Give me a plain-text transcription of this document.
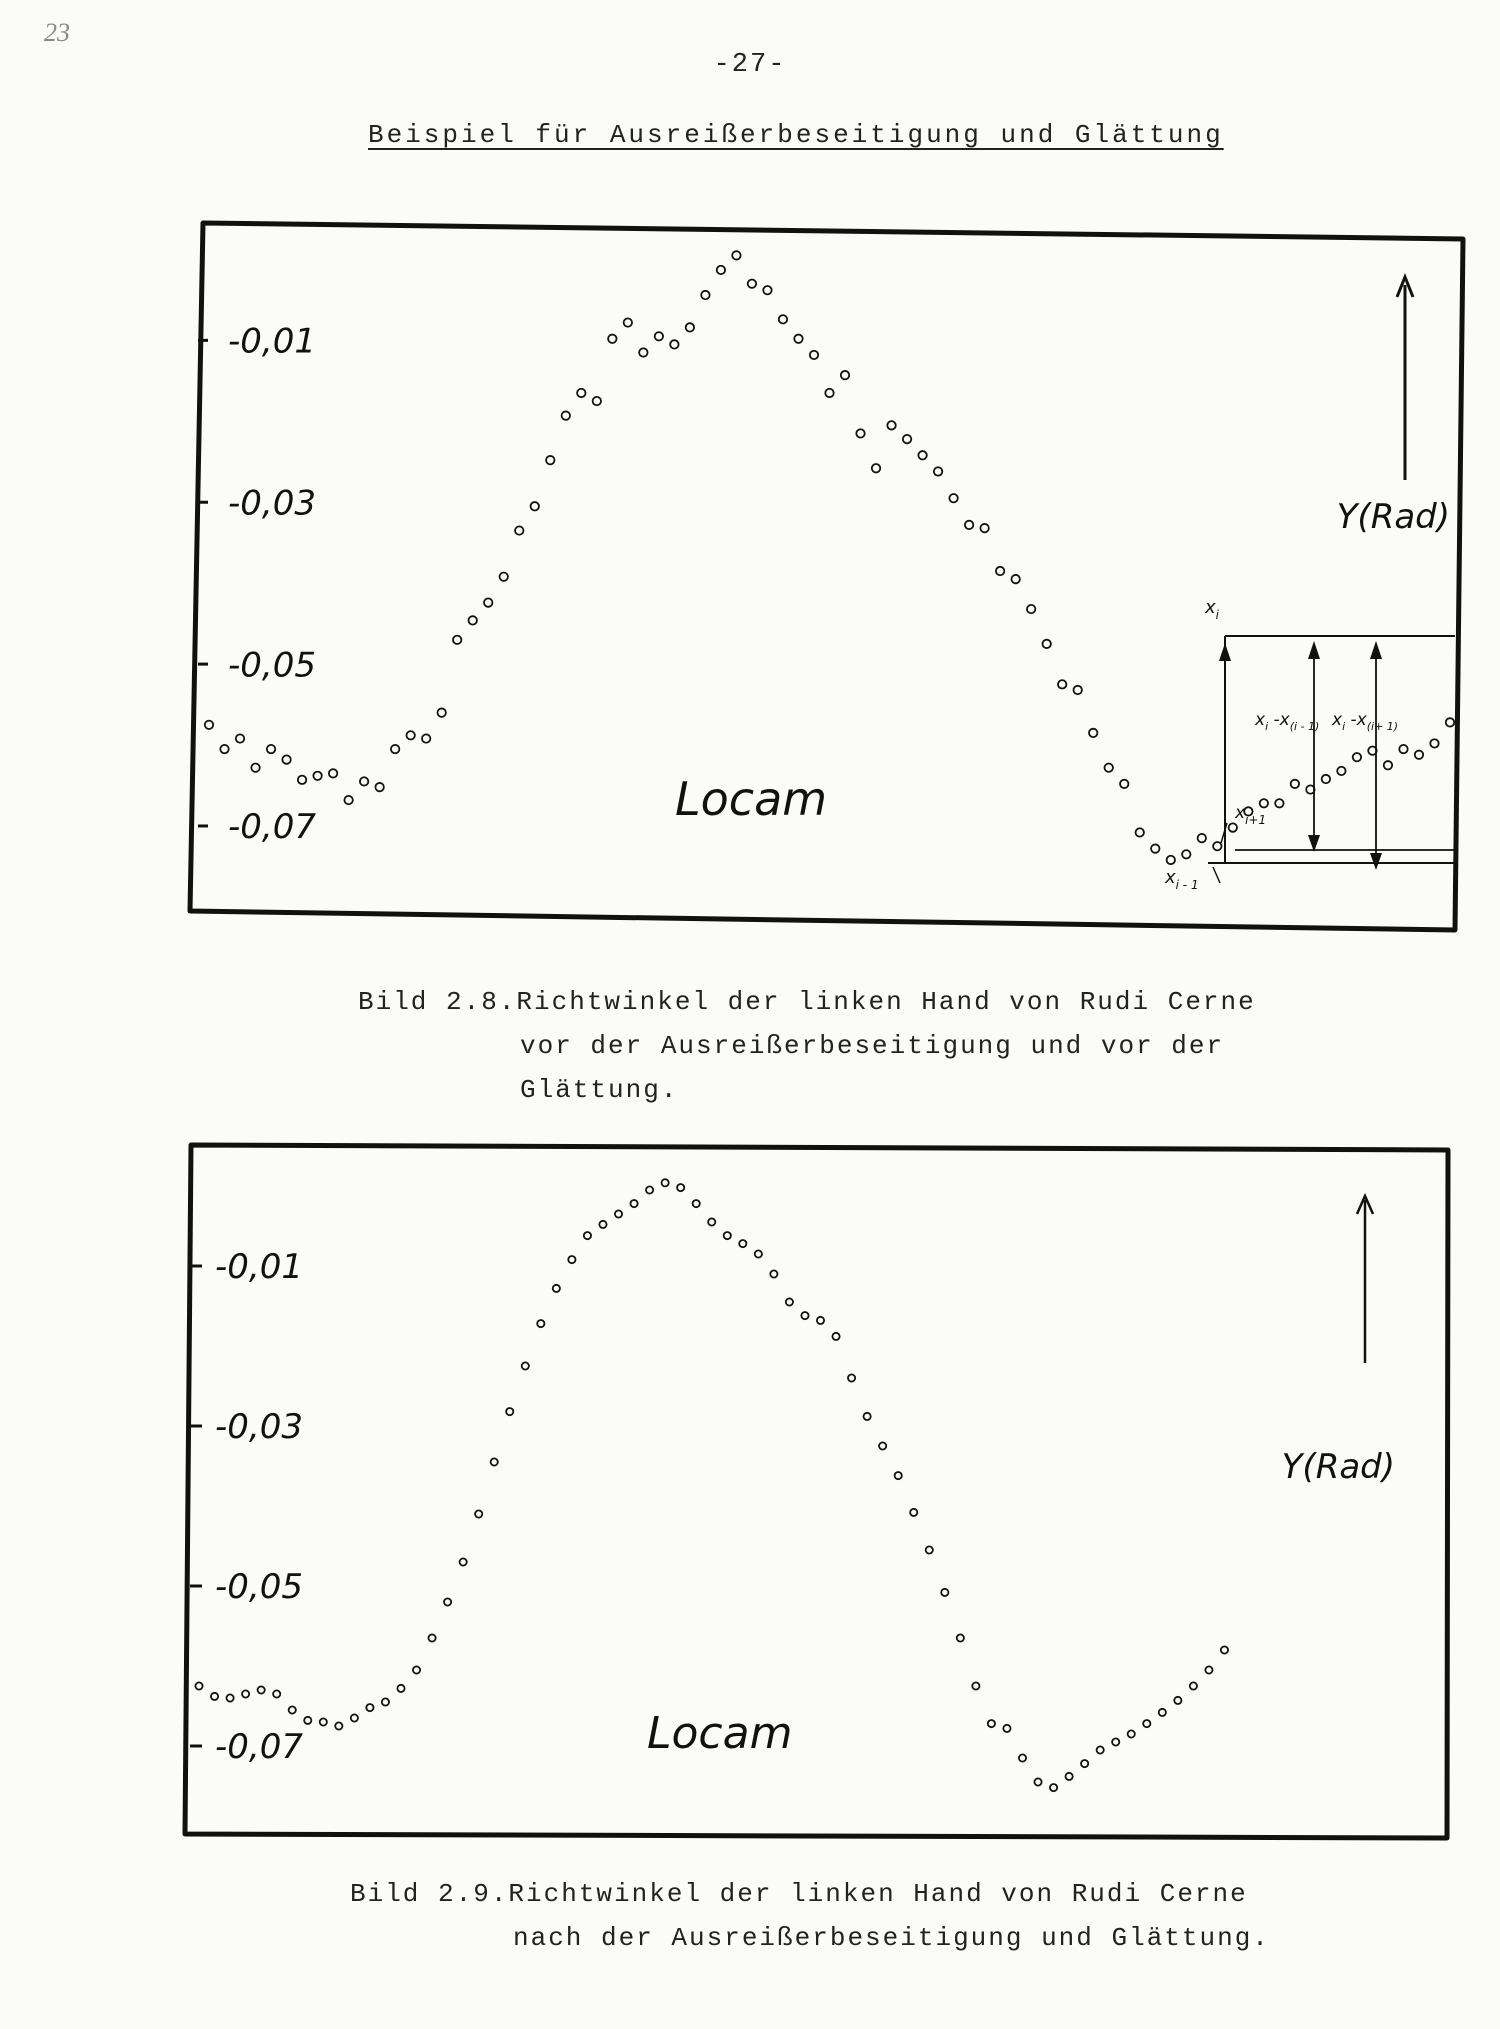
23
-27-
Beispiel für Ausreißerbeseitigung und Glättung
-0,01
-0,03
-0,05
-0,07
$x_i$
$x_{i+1}$
$x_{i - 1}$
$x_i$ $-x_{(i - 1)}$ $x_i$ $-x_{(i+ 1)}$
Y(Rad)
Locam
Bild 2.8.Richtwinkel der linken Hand von Rudi Cerne
vor der Ausreißerbeseitigung und vor der
Glättung.
-0,01
-0,03
-0,05
-0,07
Y(Rad)
Locam
Bild 2.9.Richtwinkel der linken Hand von Rudi Cerne
nach der Ausreißerbeseitigung und Glättung.
